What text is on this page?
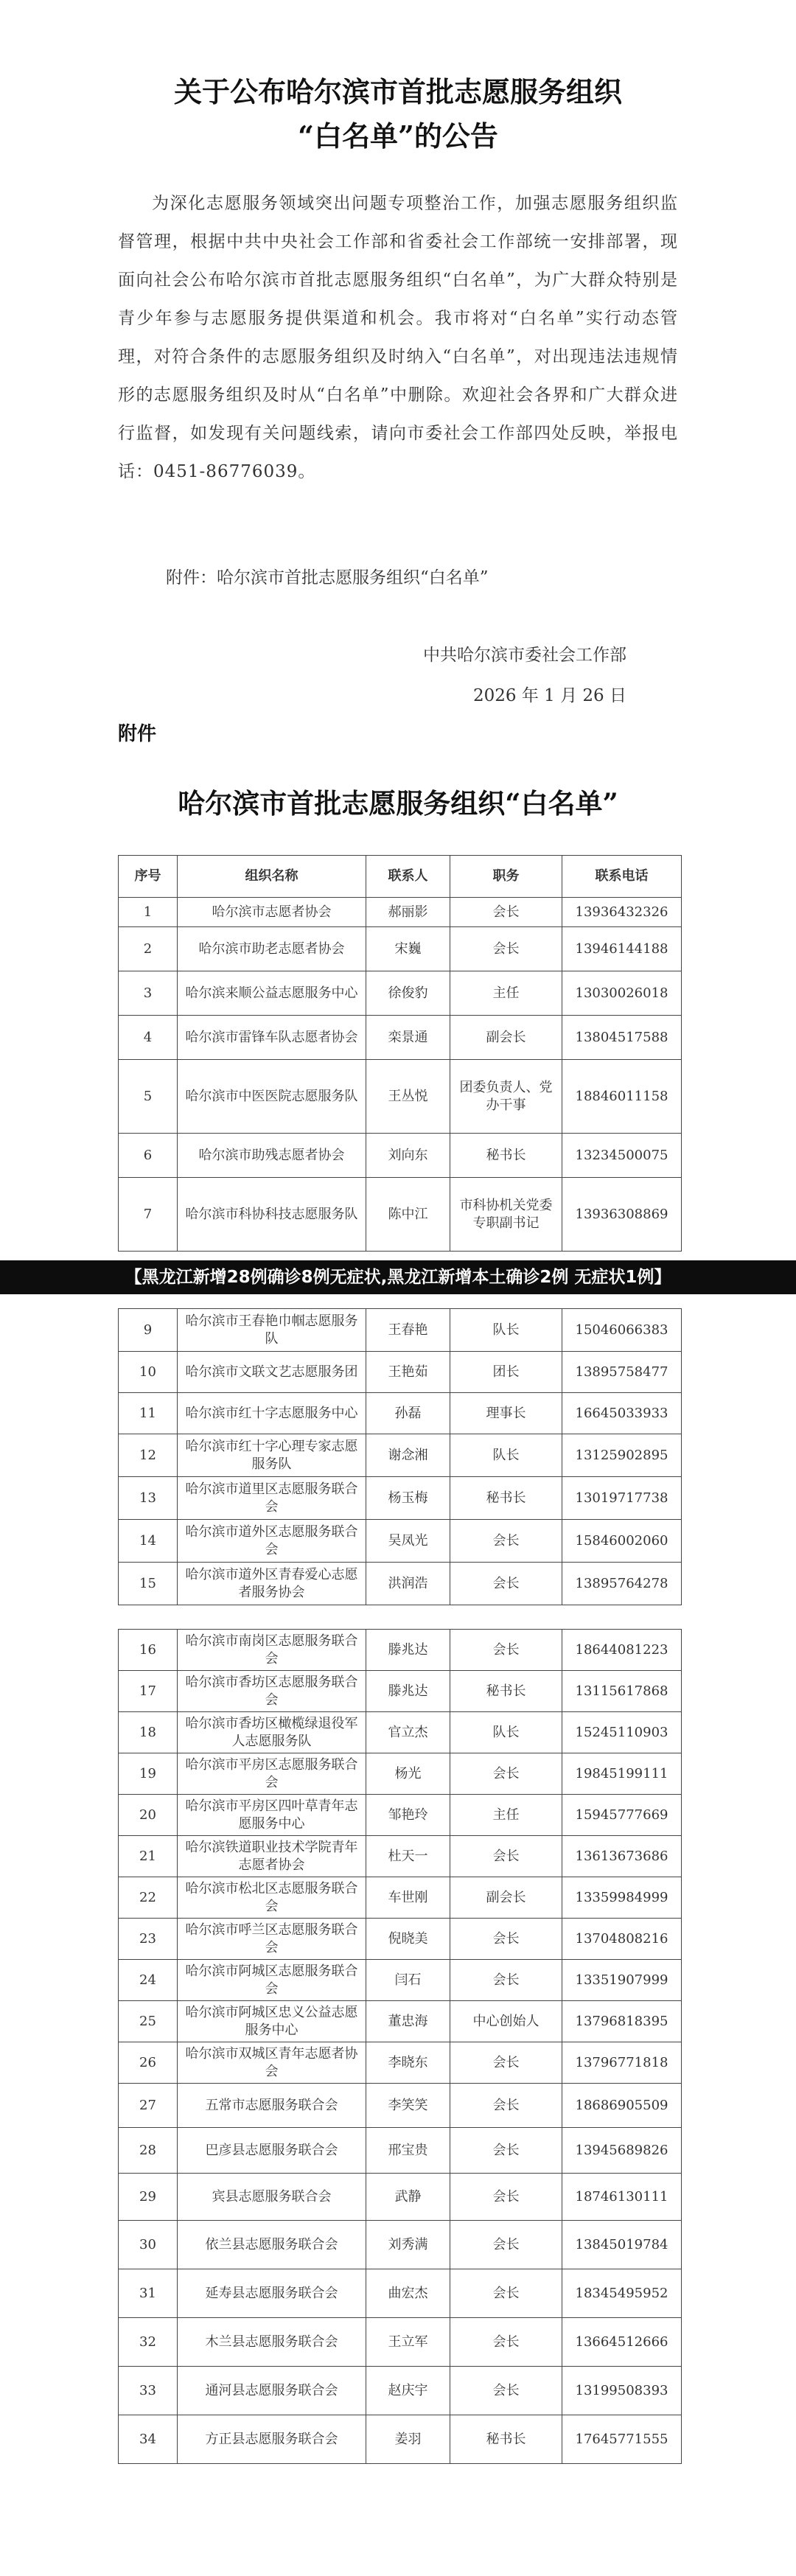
关于公布哈尔滨市首批志愿服务组织
“白名单”的公告
为深化志愿服务领域突出问题专项整治工作，加强志愿服务组织监督管理，根据中共中央社会工作部和省委社会工作部统一安排部署，现面向社会公布哈尔滨市首批志愿服务组织“白名单”，为广大群众特别是青少年参与志愿服务提供渠道和机会。我市将对“白名单”实行动态管理，对符合条件的志愿服务组织及时纳入“白名单”，对出现违法违规情形的志愿服务组织及时从“白名单”中删除。欢迎社会各界和广大群众进行监督，如发现有关问题线索，请向市委社会工作部四处反映，举报电话：0451-86776039。
附件：哈尔滨市首批志愿服务组织“白名单”
中共哈尔滨市委社会工作部
2026 年 1 月 26 日
附件
哈尔滨市首批志愿服务组织“白名单”
序号	组织名称	联系人	职务	联系电话
1	哈尔滨市志愿者协会	郝丽影	会长	13936432326
2	哈尔滨市助老志愿者协会	宋巍	会长	13946144188
3	哈尔滨来顺公益志愿服务中心	徐俊豹	主任	13030026018
4	哈尔滨市雷锋车队志愿者协会	栾景通	副会长	13804517588
5	哈尔滨市中医医院志愿服务队	王丛悦	团委负责人、党办干事	18846011158
6	哈尔滨市助残志愿者协会	刘向东	秘书长	13234500075
7	哈尔滨市科协科技志愿服务队	陈中江	市科协机关党委专职副书记	13936308869
9	哈尔滨市王春艳巾帼志愿服务队	王春艳	队长	15046066383
10	哈尔滨市文联文艺志愿服务团	王艳茹	团长	13895758477
11	哈尔滨市红十字志愿服务中心	孙磊	理事长	16645033933
12	哈尔滨市红十字心理专家志愿服务队	谢念湘	队长	13125902895
13	哈尔滨市道里区志愿服务联合会	杨玉梅	秘书长	13019717738
14	哈尔滨市道外区志愿服务联合会	吴凤光	会长	15846002060
15	哈尔滨市道外区青春爱心志愿者服务协会	洪润浩	会长	13895764278
16	哈尔滨市南岗区志愿服务联合会	滕兆达	会长	18644081223
17	哈尔滨市香坊区志愿服务联合会	滕兆达	秘书长	13115617868
18	哈尔滨市香坊区橄榄绿退役军人志愿服务队	官立杰	队长	15245110903
19	哈尔滨市平房区志愿服务联合会	杨光	会长	19845199111
20	哈尔滨市平房区四叶草青年志愿服务中心	邹艳玲	主任	15945777669
21	哈尔滨铁道职业技术学院青年志愿者协会	杜天一	会长	13613673686
22	哈尔滨市松北区志愿服务联合会	车世刚	副会长	13359984999
23	哈尔滨市呼兰区志愿服务联合会	倪晓美	会长	13704808216
24	哈尔滨市阿城区志愿服务联合会	闫石	会长	13351907999
25	哈尔滨市阿城区忠义公益志愿服务中心	董忠海	中心创始人	13796818395
26	哈尔滨市双城区青年志愿者协会	李晓东	会长	13796771818
27	五常市志愿服务联合会	李笑笑	会长	18686905509
28	巴彦县志愿服务联合会	邢宝贵	会长	13945689826
29	宾县志愿服务联合会	武静	会长	18746130111
30	依兰县志愿服务联合会	刘秀满	会长	13845019784
31	延寿县志愿服务联合会	曲宏杰	会长	18345495952
32	木兰县志愿服务联合会	王立军	会长	13664512666
33	通河县志愿服务联合会	赵庆宇	会长	13199508393
34	方正县志愿服务联合会	姜羽	秘书长	17645771555
【黑龙江新增28例确诊8例无症状,黑龙江新增本土确诊2例 无症状1例】
